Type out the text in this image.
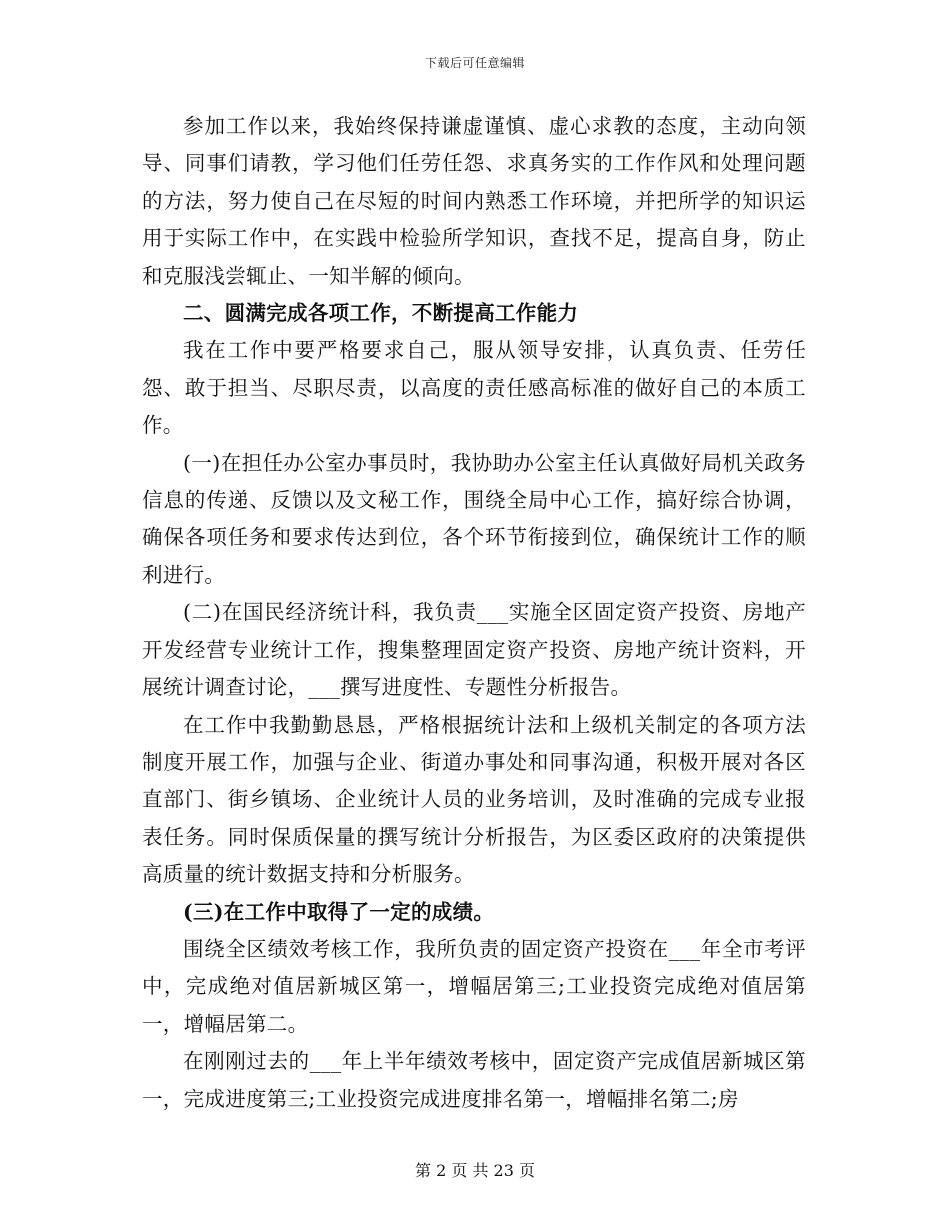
下载后可任意编辑

参加工作以来，我始终保持谦虚谨慎、虚心求教的态度，主动向领导、同事们请教，学习他们任劳任怨、求真务实的工作作风和处理问题的方法，努力使自己在尽短的时间内熟悉工作环境，并把所学的知识运用于实际工作中，在实践中检验所学知识，查找不足，提高自身，防止和克服浅尝辄止、一知半解的倾向。

二、圆满完成各项工作，不断提高工作能力

我在工作中要严格要求自己，服从领导安排，认真负责、任劳任怨、敢于担当、尽职尽责，以高度的责任感高标准的做好自己的本质工作。

(一)在担任办公室办事员时，我协助办公室主任认真做好局机关政务信息的传递、反馈以及文秘工作，围绕全局中心工作，搞好综合协调，确保各项任务和要求传达到位，各个环节衔接到位，确保统计工作的顺利进行。

(二)在国民经济统计科，我负责___实施全区固定资产投资、房地产开发经营专业统计工作，搜集整理固定资产投资、房地产统计资料，开展统计调查讨论，___撰写进度性、专题性分析报告。

在工作中我勤勤恳恳，严格根据统计法和上级机关制定的各项方法制度开展工作，加强与企业、街道办事处和同事沟通，积极开展对各区直部门、街乡镇场、企业统计人员的业务培训，及时准确的完成专业报表任务。同时保质保量的撰写统计分析报告，为区委区政府的决策提供高质量的统计数据支持和分析服务。

(三)在工作中取得了一定的成绩。

围绕全区绩效考核工作，我所负责的固定资产投资在___年全市考评中，完成绝对值居新城区第一，增幅居第三;工业投资完成绝对值居第一，增幅居第二。

在刚刚过去的___年上半年绩效考核中，固定资产完成值居新城区第一，完成进度第三;工业投资完成进度排名第一，增幅排名第二;房

第 2 页 共 23 页
